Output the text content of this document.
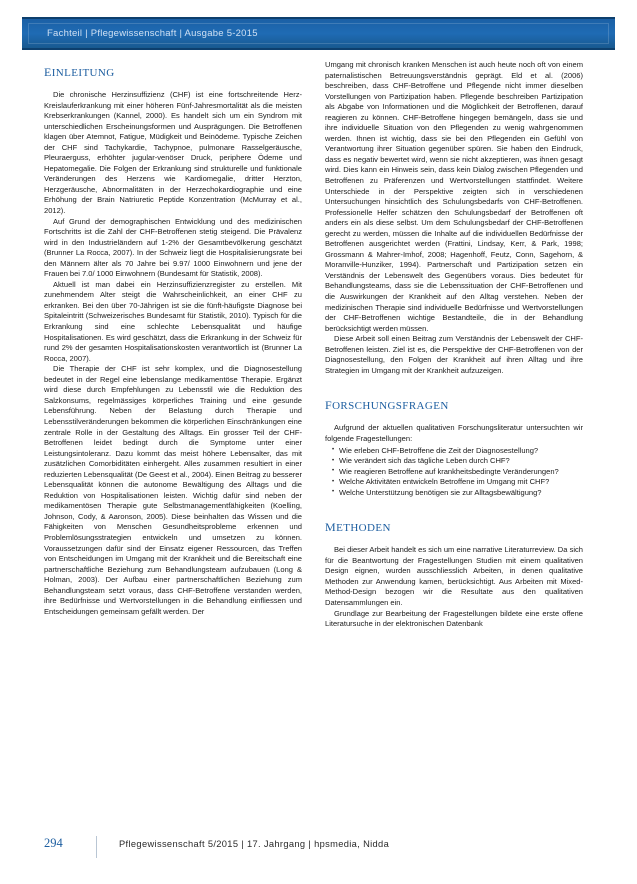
Fachteil | Pflegewissenschaft | Ausgabe 5-2015
einleitung

Die chronische Herzinsuffizienz (CHF) ist eine fortschreitende Herz-Kreislauferkrankung mit einer höheren Fünf-Jahresmortalität als die meisten Krebserkrankungen (Kannel, 2000). Es handelt sich um ein Syndrom mit unterschiedlichen Erscheinungsformen und Ausprägungen. Die Betroffenen klagen über Atemnot, Fatigue, Müdigkeit und Beinödeme. Typische Zeichen der CHF sind Tachykardie, Tachypnoe, pulmonare Rasselgeräusche, Pleuraerguss, erhöhter jugular-venöser Druck, periphere Ödeme und Hepatomegalie. Die Folgen der Erkrankung sind strukturelle und funktionale Veränderungen des Herzens wie Kardiomegalie, dritter Herzton, Herzgeräusche, Abnormalitäten in der Herzechokardiographie und eine Erhöhung der Brain Natriuretic Peptide Konzentration (McMurray et al., 2012).

Auf Grund der demographischen Entwicklung und des medizinischen Fortschritts ist die Zahl der CHF-Betroffenen stetig steigend. Die Prävalenz wird in den Industrieländern auf 1-2% der Gesamtbevölkerung geschätzt (Brunner La Rocca, 2007). In der Schweiz liegt die Hospitalisierungsrate bei den Männern älter als 70 Jahre bei 9.97/ 1000 Einwohnern und jene der Frauen bei 7.0/ 1000 Einwohnern (Bundesamt für Statistik, 2008).

Aktuell ist man dabei ein Herzinsuffizienzregister zu erstellen. Mit zunehmendem Alter steigt die Wahrscheinlichkeit, an einer CHF zu erkranken. Bei den über 70-Jährigen ist sie die fünft-häufigste Diagnose bei Spitaleintritt (Schweizerisches Bundesamt für Statistik, 2010). Typisch für die Erkrankung sind eine schlechte Lebensqualität und häufige Hospitalisationen. Es wird geschätzt, dass die Erkrankung in der Schweiz für rund 2% der gesamten Hospitalisationskosten verantwortlich ist (Brunner La Rocca, 2007).

Die Therapie der CHF ist sehr komplex, und die Diagnosestellung bedeutet in der Regel eine lebenslange medikamentöse Therapie. Ergänzt wird diese durch Empfehlungen zu Lebensstil wie die Reduktion des Salzkonsums, regelmässiges körperliches Training und eine gesunde Lebensführung. Neben der Belastung durch Therapie und Lebensstilveränderungen bekommen die körperlichen Einschränkungen eine zentrale Rolle in der Gestaltung des Alltags. Ein grosser Teil der CHF-Betroffenen leidet bedingt durch die Symptome unter einer Leistungsintoleranz. Dazu kommt das meist höhere Lebensalter, das mit zusätzlichen Comorbiditäten einhergeht. Alles zusammen resultiert in einer reduzierten Lebensqualität (De Geest et al., 2004). Einen Beitrag zu besserer Lebensqualität können die autonome Bewältigung des Alltags und die Reduktion von Hospitalisationen leisten. Wichtig dafür sind neben der medikamentösen Therapie gute Selbstmanagementfähigkeiten (Koelling, Johnson, Cody, & Aaronson, 2005). Diese beinhalten das Wissen und die Fähigkeiten von Menschen Gesundheitsprobleme erkennen und Problemlösungsstrategien entwickeln und umsetzen zu können. Voraussetzungen dafür sind der Einsatz eigener Ressourcen, das Treffen von Entscheidungen im Umgang mit der Krankheit und die Bereitschaft eine partnerschaftliche Beziehung zum Behandlungsteam aufzubauen (Long & Holman, 2003). Der Aufbau einer partnerschaftlichen Beziehung zum Behandlungsteam setzt voraus, dass CHF-Betroffene verstanden werden, ihre Bedürfnisse und Wertvorstellungen in die Behandlung einfliessen und Entscheidungen gemeinsam gefällt werden. Der

Umgang mit chronisch kranken Menschen ist auch heute noch oft von einem paternalistischen Betreuungsverständnis geprägt. Eld et al. (2006) beschreiben, dass CHF-Betroffene und Pflegende nicht immer dieselben Vorstellungen von Partizipation haben. Pflegende beschreiben Partizipation als Abgabe von Informationen und die Möglichkeit der Betroffenen, darauf reagieren zu können. CHF-Betroffene hingegen bemängeln, dass sie und ihre individuelle Situation von den Pflegenden zu wenig wahrgenommen werden. Ihnen ist wichtig, dass sie bei den Pflegenden ein Gefühl von Verantwortung ihrer Situation gegenüber spüren. Sie haben den Eindruck, dass es negativ bewertet wird, wenn sie nicht akzeptieren, was ihnen gesagt wird. Dies kann ein Hinweis sein, dass kein Dialog zwischen Pflegenden und Betroffenen zu Präferenzen und Wertvorstellungen stattfindet. Weitere Unterschiede in der Perspektive zeigten sich in verschiedenen Untersuchungen hinsichtlich des Schulungsbedarfs von CHF-Betroffenen. Professionelle Helfer schätzen den Schulungsbedarf der Betroffenen oft anders ein als diese selbst. Um dem Schulungsbedarf der CHF-Betroffenen gerecht zu werden, müssen die Inhalte auf die individuellen Bedürfnisse der Betroffenen ausgerichtet werden (Frattini, Lindsay, Kerr, & Park, 1998; Grossmann & Mahrer-Imhof, 2008; Hagenhoff, Feutz, Conn, Sagehorn, & Moranville-Hunziker, 1994). Partnerschaft und Partizipation setzen ein Verständnis der Lebenswelt des Gegenübers voraus. Dies bedeutet für Behandlungsteams, dass sie die Lebenssituation der CHF-Betroffenen und die Auswirkungen der Krankheit auf den Alltag verstehen. Neben der medizinischen Therapie sind individuelle Bedürfnisse und Wertvorstellungen der CHF-Betroffenen wichtige Bestandteile, die in der Behandlung berücksichtigt werden müssen.

Diese Arbeit soll einen Beitrag zum Verständnis der Lebenswelt der CHF-Betroffenen leisten. Ziel ist es, die Perspektive der CHF-Betroffenen von der Diagnosestellung, den Folgen der Krankheit auf ihren Alltag und ihre Strategien im Umgang mit der Krankheit aufzuzeigen.

forschungsfragen

Aufgrund der aktuellen qualitativen Forschungsliteratur untersuchten wir folgende Fragestellungen:

• Wie erleben CHF-Betroffene die Zeit der Diagnosestellung?
• Wie verändert sich das tägliche Leben durch CHF?
• Wie reagieren Betroffene auf krankheitsbedingte Veränderungen?
• Welche Aktivitäten entwickeln Betroffene im Umgang mit CHF?
• Welche Unterstützung benötigen sie zur Alltagsbewältigung?
methoden

Bei dieser Arbeit handelt es sich um eine narrative Literaturreview. Da sich für die Beantwortung der Fragestellungen Studien mit einem qualitativen Design eignen, wurden ausschliesslich Arbeiten, in denen qualitative Methoden zur Anwendung kamen, berücksichtigt. Aus Arbeiten mit Mixed-Method-Design bezogen wir die Resultate aus den qualitativen Datensammlungen ein.

Grundlage zur Bearbeitung der Fragestellungen bildete eine erste offene Literatursuche in der elektronischen Datenbank

294	Pflegewissenschaft 5/2015 | 17. Jahrgang | hpsmedia, Nidda
